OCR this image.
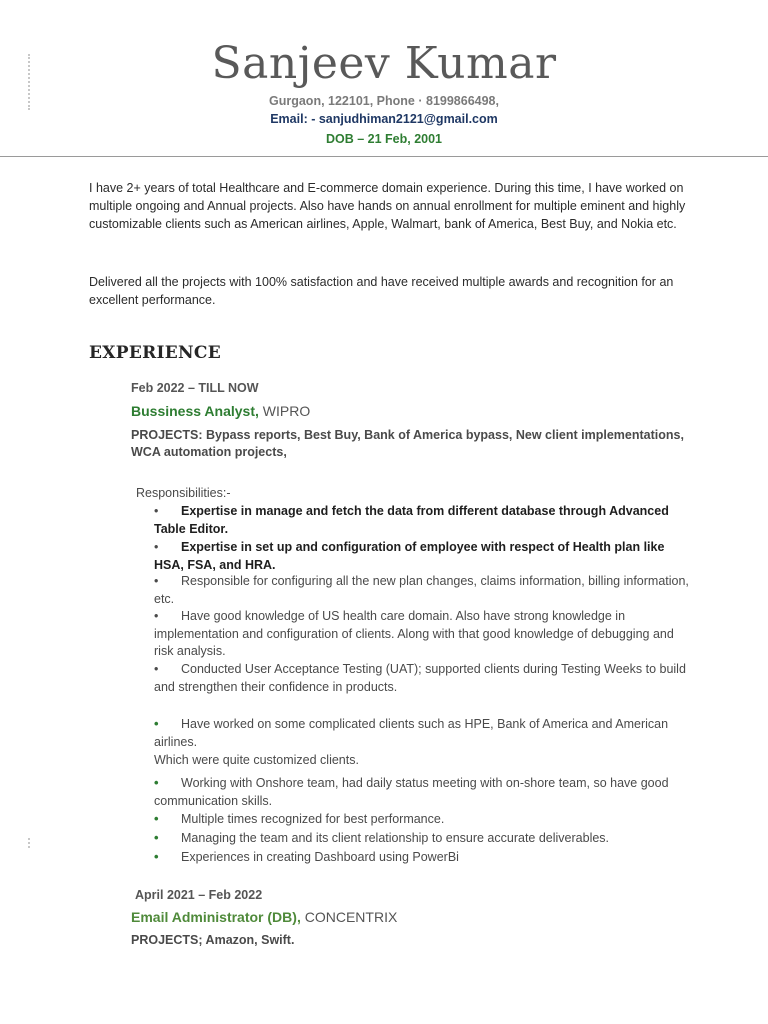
Sanjeev Kumar
Gurgaon, 122101, Phone · 8199866498,
Email: - sanjudhiman2121@gmail.com
DOB – 21 Feb, 2001
I have 2+ years of total Healthcare and E-commerce domain experience. During this time, I have worked on multiple ongoing and Annual projects. Also have hands on annual enrollment for multiple eminent and highly customizable clients such as American airlines, Apple, Walmart, bank of America, Best Buy, and Nokia etc.
Delivered all the projects with 100% satisfaction and have received multiple awards and recognition for an excellent performance.
EXPERIENCE
Feb 2022 – TILL NOW
Bussiness Analyst, WIPRO
PROJECTS: Bypass reports, Best Buy, Bank of America bypass, New client implementations, WCA automation projects,
Responsibilities:-
• Expertise in manage and fetch the data from different database through Advanced Table Editor.
• Expertise in set up and configuration of employee with respect of Health plan like HSA, FSA, and HRA.
• Responsible for configuring all the new plan changes, claims information, billing information, etc.
• Have good knowledge of US health care domain. Also have strong knowledge in implementation and configuration of clients. Along with that good knowledge of debugging and risk analysis.
• Conducted User Acceptance Testing (UAT); supported clients during Testing Weeks to build and strengthen their confidence in products.
• Have worked on some complicated clients such as HPE, Bank of America and American airlines.
Which were quite customized clients.
• Working with Onshore team, had daily status meeting with on-shore team, so have good communication skills.
• Multiple times recognized for best performance.
• Managing the team and its client relationship to ensure accurate deliverables.
• Experiences in creating Dashboard using PowerBi
April 2021 – Feb 2022
Email Administrator (DB), CONCENTRIX
PROJECTS; Amazon, Swift.
